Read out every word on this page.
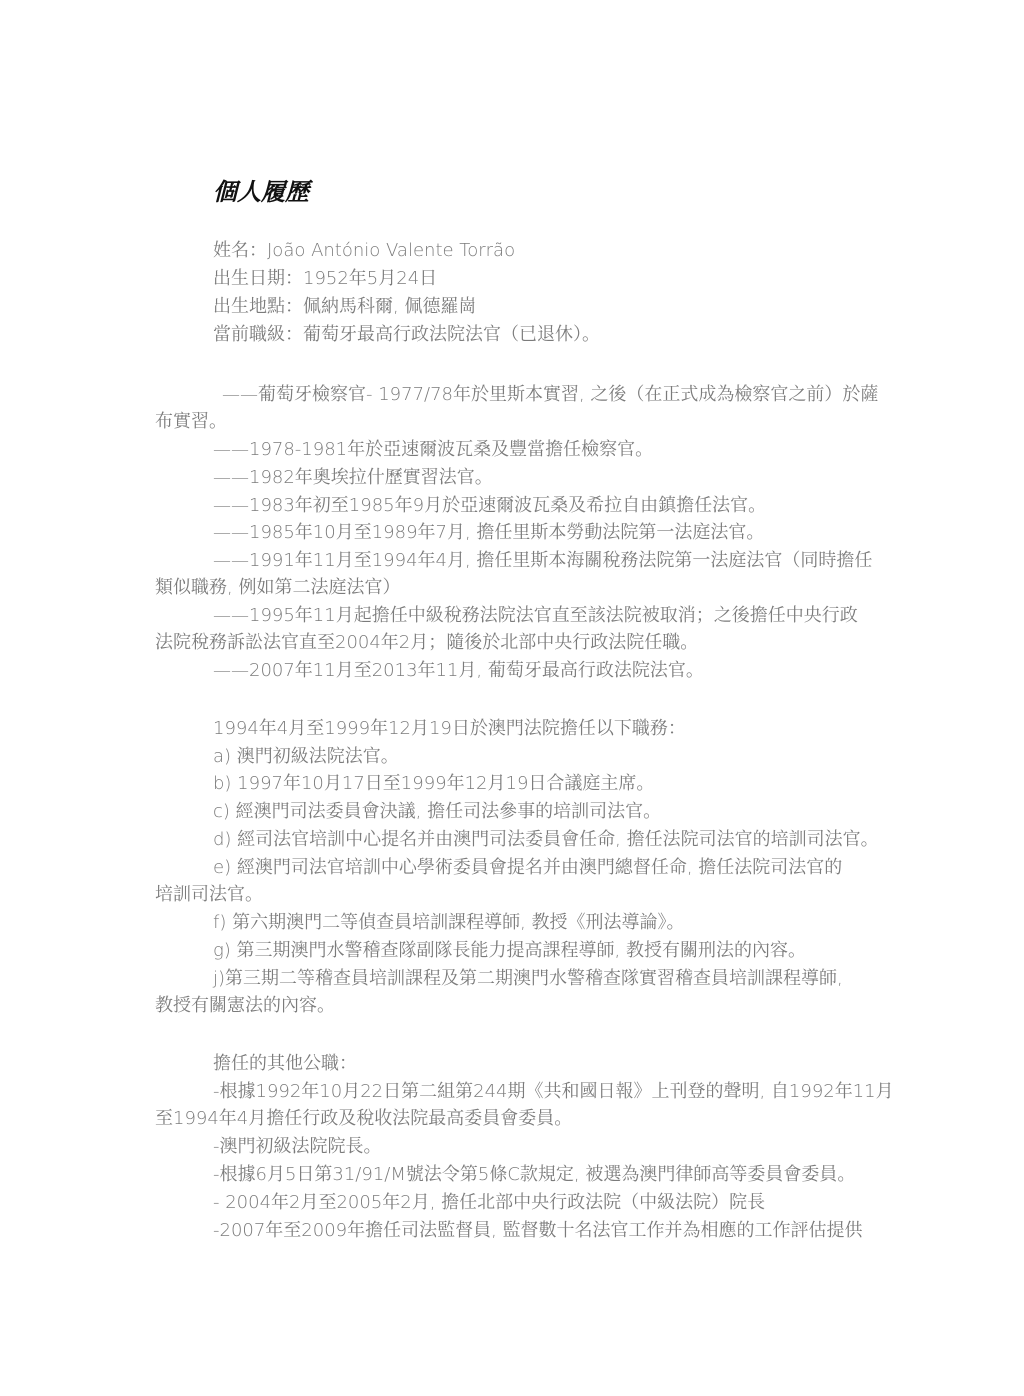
個人履歷
姓名：João António Valente Torrão
出生日期：1952年5月24日
出生地點：佩納馬科爾, 佩德羅崗
當前職級：葡萄牙最高行政法院法官（已退休）。
——葡萄牙檢察官- 1977/78年於里斯本實習, 之後（在正式成為檢察官之前）於薩
布實習。
——1978-1981年於亞速爾波瓦桑及豐當擔任檢察官。
——1982年奧埃拉什歷實習法官。
——1983年初至1985年9月於亞速爾波瓦桑及希拉自由鎮擔任法官。
——1985年10月至1989年7月, 擔任里斯本勞動法院第一法庭法官。
——1991年11月至1994年4月, 擔任里斯本海關稅務法院第一法庭法官（同時擔任
類似職務, 例如第二法庭法官）
——1995年11月起擔任中級稅務法院法官直至該法院被取消；之後擔任中央行政
法院稅務訴訟法官直至2004年2月；隨後於北部中央行政法院任職。
——2007年11月至2013年11月, 葡萄牙最高行政法院法官。
1994年4月至1999年12月19日於澳門法院擔任以下職務：
a) 澳門初級法院法官。
b) 1997年10月17日至1999年12月19日合議庭主席。
c) 經澳門司法委員會決議, 擔任司法參事的培訓司法官。
d) 經司法官培訓中心提名并由澳門司法委員會任命, 擔任法院司法官的培訓司法官。
e) 經澳門司法官培訓中心學術委員會提名并由澳門總督任命, 擔任法院司法官的
培訓司法官。
f) 第六期澳門二等偵查員培訓課程導師, 教授《刑法導論》。
g) 第三期澳門水警稽查隊副隊長能力提高課程導師, 教授有關刑法的內容。
j)第三期二等稽查員培訓課程及第二期澳門水警稽查隊實習稽查員培訓課程導師,
教授有關憲法的內容。
擔任的其他公職：
-根據1992年10月22日第二組第244期《共和國日報》上刊登的聲明, 自1992年11月
至1994年4月擔任行政及稅收法院最高委員會委員。
-澳門初級法院院長。
-根據6月5日第31/91/M號法令第5條C款規定, 被選為澳門律師高等委員會委員。
- 2004年2月至2005年2月, 擔任北部中央行政法院（中級法院）院長
-2007年至2009年擔任司法監督員, 監督數十名法官工作并為相應的工作評估提供
